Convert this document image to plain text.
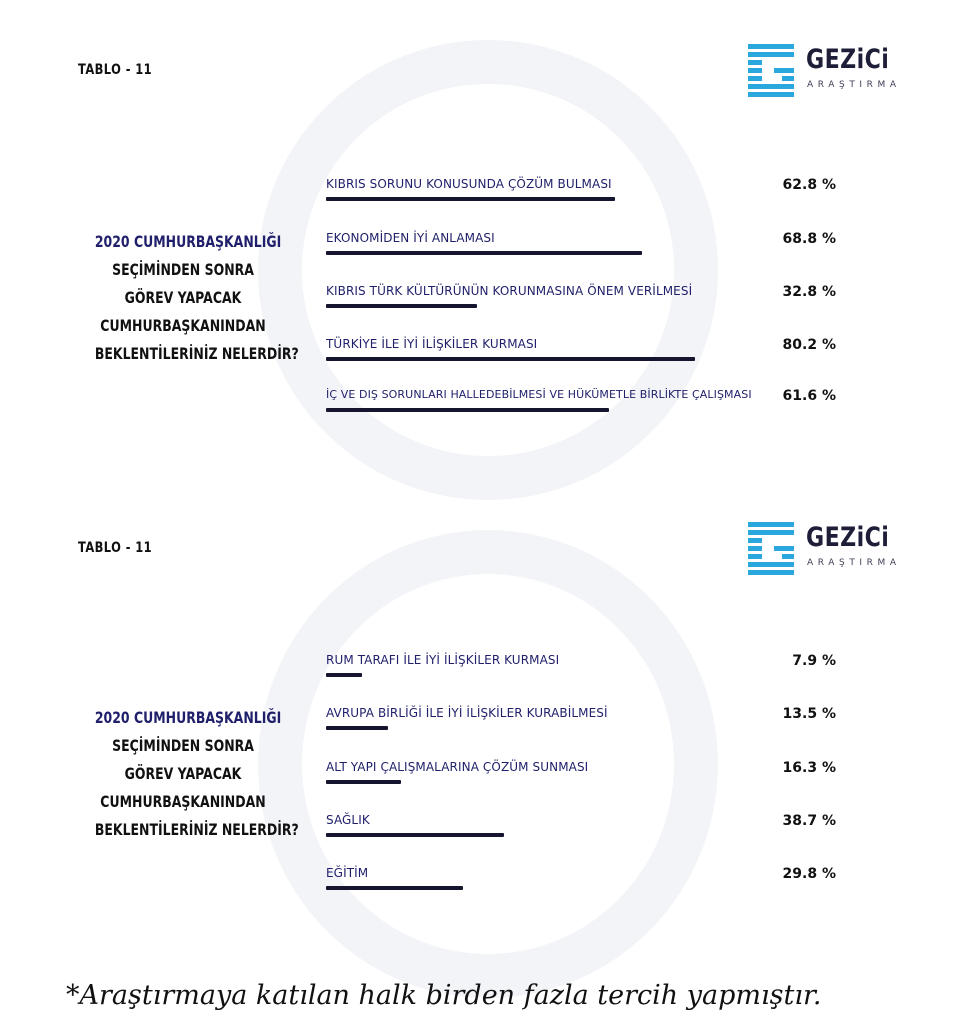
TABLO - 11	GEZiCi
ARAŞTIRMA
2020 CUMHURBAŞKANLIĞI
SEÇİMİNDEN SONRA
GÖREV YAPACAK
CUMHURBAŞKANINDAN
BEKLENTİLERİNİZ NELERDİR?
KIBRIS SORUNU KONUSUNDA ÇÖZÜM BULMASI	62.8 %
EKONOMİDEN İYİ ANLAMASI	68.8 %
KIBRIS TÜRK KÜLTÜRÜNÜN KORUNMASINA ÖNEM VERİLMESİ	32.8 %
TÜRKİYE İLE İYİ İLİŞKİLER KURMASI	80.2 %
İÇ VE DIŞ SORUNLARI HALLEDEBİLMESİ VE HÜKÜMETLE BİRLİKTE ÇALIŞMASI	61.6 %
TABLO - 11	GEZiCi
ARAŞTIRMA
2020 CUMHURBAŞKANLIĞI
SEÇİMİNDEN SONRA
GÖREV YAPACAK
CUMHURBAŞKANINDAN
BEKLENTİLERİNİZ NELERDİR?
RUM TARAFI İLE İYİ İLİŞKİLER KURMASI	7.9 %
AVRUPA BİRLİĞİ İLE İYİ İLİŞKİLER KURABİLMESİ	13.5 %
ALT YAPI ÇALIŞMALARINA ÇÖZÜM SUNMASI	16.3 %
SAĞLIK	38.7 %
EĞİTİM	29.8 %
*Araştırmaya katılan halk birden fazla tercih yapmıştır.
